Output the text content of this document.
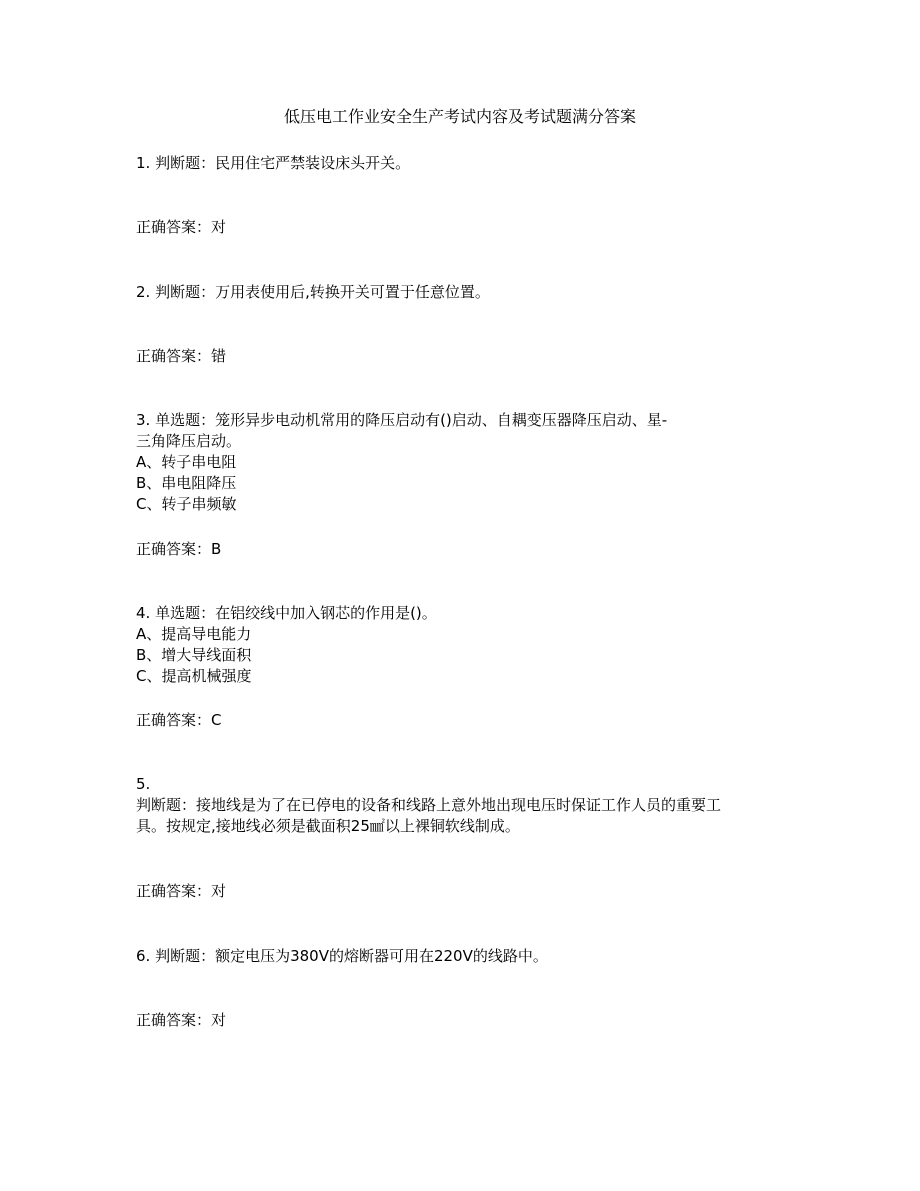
低压电工作业安全生产考试内容及考试题满分答案
1. 判断题：民用住宅严禁装设床头开关。
正确答案：对
2. 判断题：万用表使用后,转换开关可置于任意位置。
正确答案：错
3. 单选题：笼形异步电动机常用的降压启动有()启动、自耦变压器降压启动、星-
三角降压启动。
A、转子串电阻
B、串电阻降压
C、转子串频敏
正确答案：B
4. 单选题：在铝绞线中加入钢芯的作用是()。
A、提高导电能力
B、增大导线面积
C、提高机械强度
正确答案：C
5.
判断题：接地线是为了在已停电的设备和线路上意外地出现电压时保证工作人员的重要工
具。按规定,接地线必须是截面积25㎟以上裸铜软线制成。
正确答案：对
6. 判断题：额定电压为380V的熔断器可用在220V的线路中。
正确答案：对
